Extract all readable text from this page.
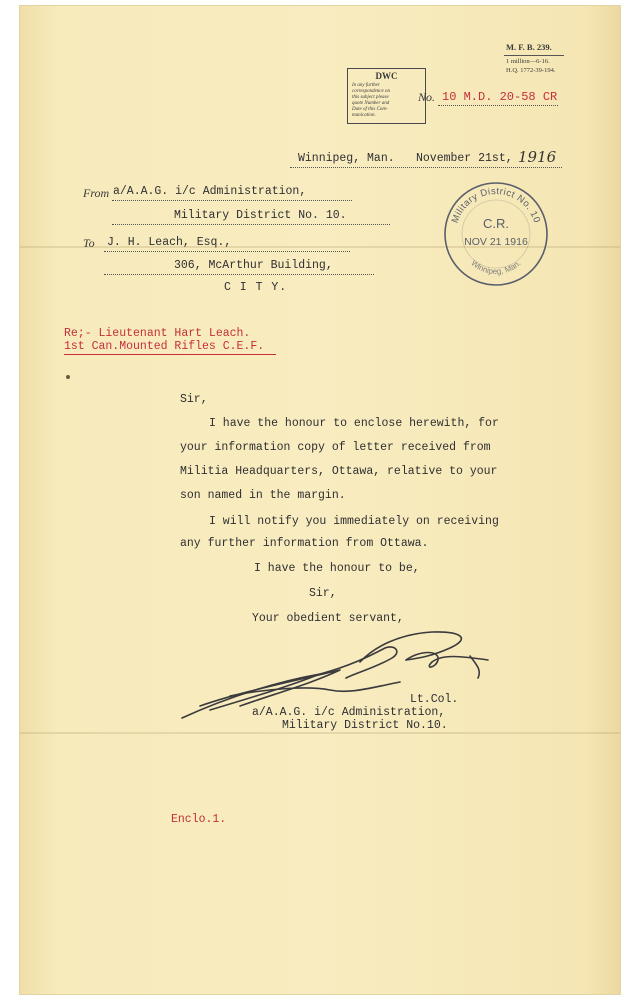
M. F. B. 239.
1 million—6-16.
H.Q. 1772-39-194.
DWC
In any further
correspondence on
this subject please
quote Number and
Date of this Com-
munication.
No. 10 M.D. 20-58 CR
Winnipeg, Man. November 21st, 1916
From a/A.A.G. i/c Administration,
Military District No. 10.
To J. H. Leach, Esq.,
306, McArthur Building,
C I T Y.
Military District No. 10
Winnipeg, Man.
C.R.
NOV 21 1916
Re;- Lieutenant Hart Leach.
1st Can.Mounted Rifles C.E.F.
Sir,
I have the honour to enclose herewith, for
your information copy of letter received from
Militia Headquarters, Ottawa, relative to your
son named in the margin.
I will notify you immediately on receiving
any further information from Ottawa.
I have the honour to be,
Sir,
Your obedient servant,
Lt.Col.
a/A.A.G. i/c Administration,
Military District No.10.
Enclo.1.
